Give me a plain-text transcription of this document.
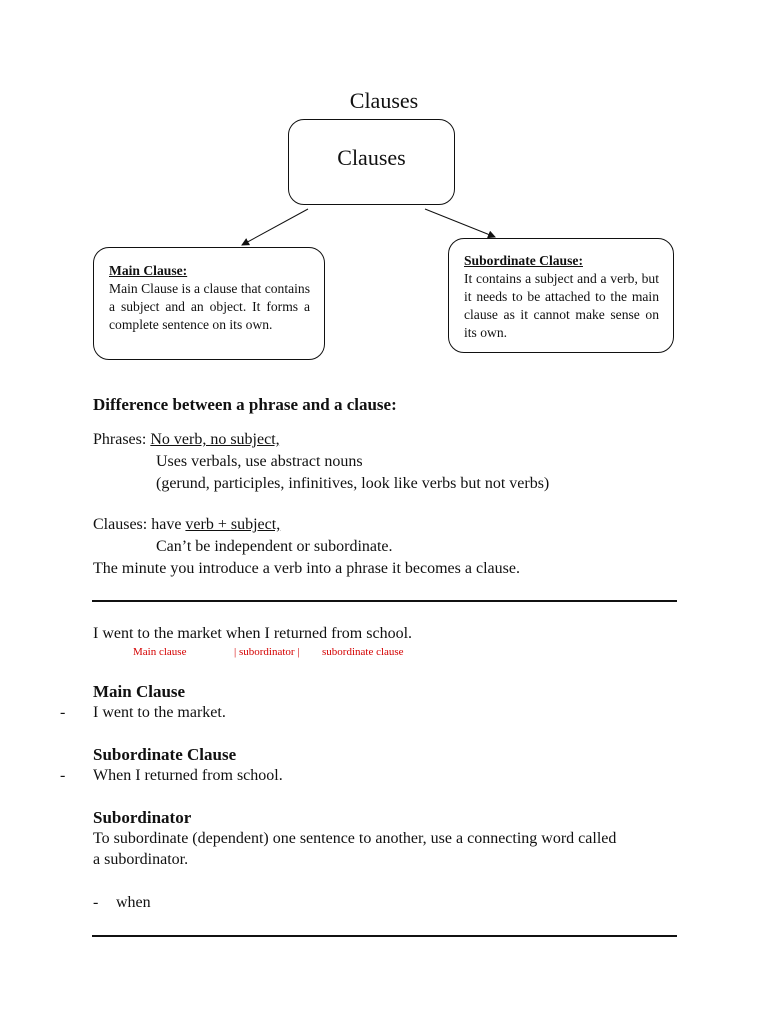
Clauses
Clauses
Main Clause:
Main Clause is a clause that contains a subject and an object. It forms a complete sentence on its own.
Subordinate Clause:
It contains a subject and a verb, but it needs to be attached to the main clause as it cannot make sense on its own.
Difference between a phrase and a clause:
Phrases: No verb, no subject,
Uses verbals, use abstract nouns
(gerund, participles, infinitives, look like verbs but not verbs)
Clauses: have verb + subject,
Can’t be independent or subordinate.
The minute you introduce a verb into a phrase it becomes a clause.
I went to the market when I returned from school.
Main clause	| subordinator | subordinate clause
Main Clause
- I went to the market.
Subordinate Clause
- When I returned from school.
Subordinator
To subordinate (dependent) one sentence to another, use a connecting word called
a subordinator.
- when
